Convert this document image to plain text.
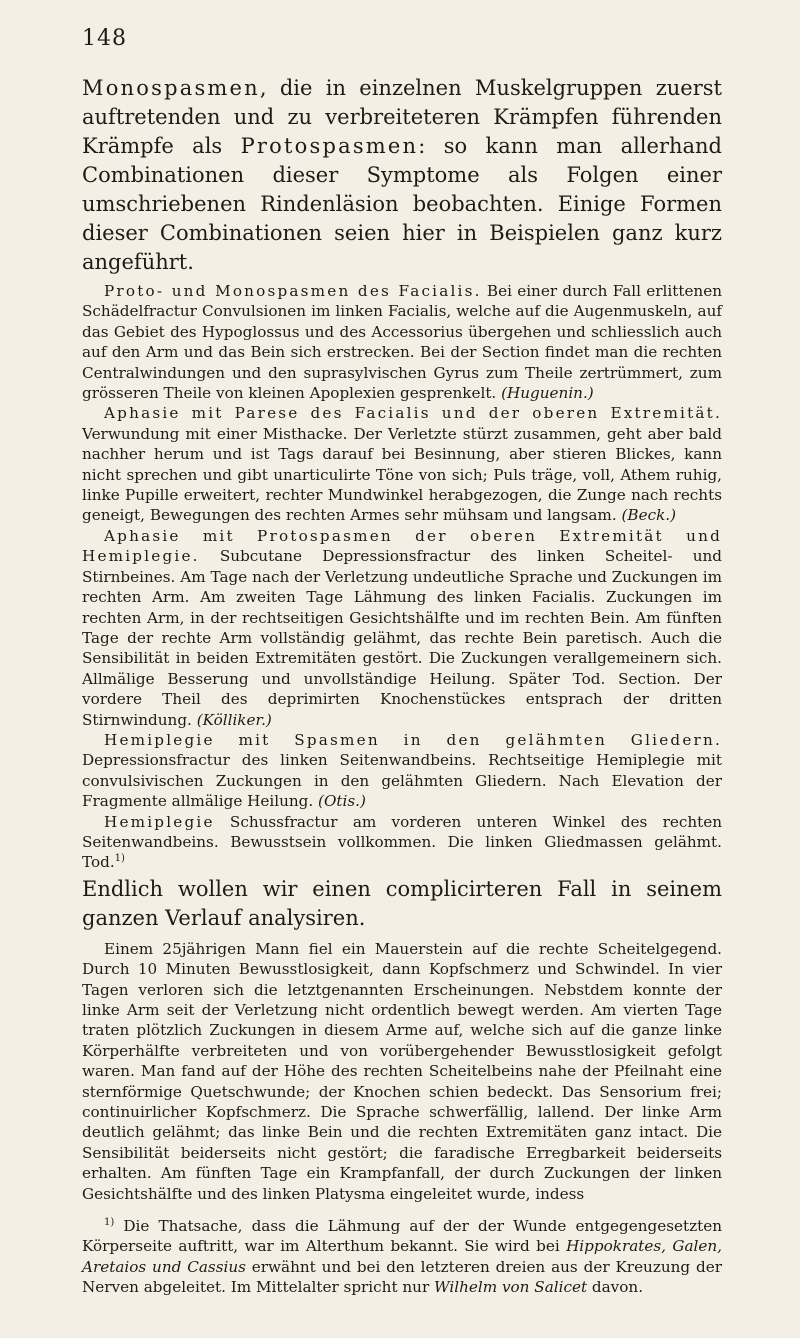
148

Monospasmen, die in einzelnen Muskelgruppen zuerst auftretenden und zu verbreiteteren Krämpfen führenden Krämpfe als Protospasmen: so kann man allerhand Combinationen dieser Symptome als Folgen einer umschriebenen Rindenläsion beobachten. Einige Formen dieser Combinationen seien hier in Beispielen ganz kurz angeführt.

Proto- und Monospasmen des Facialis. Bei einer durch Fall erlittenen Schädelfractur Convulsionen im linken Facialis, welche auf die Augenmuskeln, auf das Gebiet des Hypoglossus und des Accessorius übergehen und schliesslich auch auf den Arm und das Bein sich erstrecken. Bei der Section findet man die rechten Centralwindungen und den suprasylvischen Gyrus zum Theile zertrümmert, zum grösseren Theile von kleinen Apoplexien gesprenkelt. (Huguenin.)

Aphasie mit Parese des Facialis und der oberen Extremität. Verwundung mit einer Misthacke. Der Verletzte stürzt zusammen, geht aber bald nachher herum und ist Tags darauf bei Besinnung, aber stieren Blickes, kann nicht sprechen und gibt unarticulirte Töne von sich; Puls träge, voll, Athem ruhig, linke Pupille erweitert, rechter Mundwinkel herabgezogen, die Zunge nach rechts geneigt, Bewegungen des rechten Armes sehr mühsam und langsam. (Beck.)

Aphasie mit Protospasmen der oberen Extremität und Hemiplegie. Subcutane Depressionsfractur des linken Scheitel- und Stirnbeines. Am Tage nach der Verletzung undeutliche Sprache und Zuckungen im rechten Arm. Am zweiten Tage Lähmung des linken Facialis. Zuckungen im rechten Arm, in der rechtseitigen Gesichtshälfte und im rechten Bein. Am fünften Tage der rechte Arm vollständig gelähmt, das rechte Bein paretisch. Auch die Sensibilität in beiden Extremitäten gestört. Die Zuckungen verallgemeinern sich. Allmälige Besserung und unvollständige Heilung. Später Tod. Section. Der vordere Theil des deprimirten Knochenstückes entsprach der dritten Stirnwindung. (Kölliker.)

Hemiplegie mit Spasmen in den gelähmten Gliedern. Depressionsfractur des linken Seitenwandbeins. Rechtseitige Hemiplegie mit convulsivischen Zuckungen in den gelähmten Gliedern. Nach Elevation der Fragmente allmälige Heilung. (Otis.)

Hemiplegie Schussfractur am vorderen unteren Winkel des rechten Seitenwandbeins. Bewusstsein vollkommen. Die linken Gliedmassen gelähmt. Tod.$^{1)}$

Endlich wollen wir einen complicirteren Fall in seinem ganzen Verlauf analysiren.

Einem 25jährigen Mann fiel ein Mauerstein auf die rechte Scheitelgegend. Durch 10 Minuten Bewusstlosigkeit, dann Kopfschmerz und Schwindel. In vier Tagen verloren sich die letztgenannten Erscheinungen. Nebstdem konnte der linke Arm seit der Verletzung nicht ordentlich bewegt werden. Am vierten Tage traten plötzlich Zuckungen in diesem Arme auf, welche sich auf die ganze linke Körperhälfte verbreiteten und von vorübergehender Bewusstlosigkeit gefolgt waren. Man fand auf der Höhe des rechten Scheitelbeins nahe der Pfeilnaht eine sternförmige Quetschwunde; der Knochen schien bedeckt. Das Sensorium frei; continuirlicher Kopfschmerz. Die Sprache schwerfällig, lallend. Der linke Arm deutlich gelähmt; das linke Bein und die rechten Extremitäten ganz intact. Die Sensibilität beiderseits nicht gestört; die faradische Erregbarkeit beiderseits erhalten. Am fünften Tage ein Krampfanfall, der durch Zuckungen der linken Gesichtshälfte und des linken Platysma eingeleitet wurde, indess

$^{1)}$ Die Thatsache, dass die Lähmung auf der der Wunde entgegengesetzten Körperseite auftritt, war im Alterthum bekannt. Sie wird bei Hippokrates, Galen, Aretaios und Cassius erwähnt und bei den letzteren dreien aus der Kreuzung der Nerven abgeleitet. Im Mittelalter spricht nur Wilhelm von Salicet davon.
